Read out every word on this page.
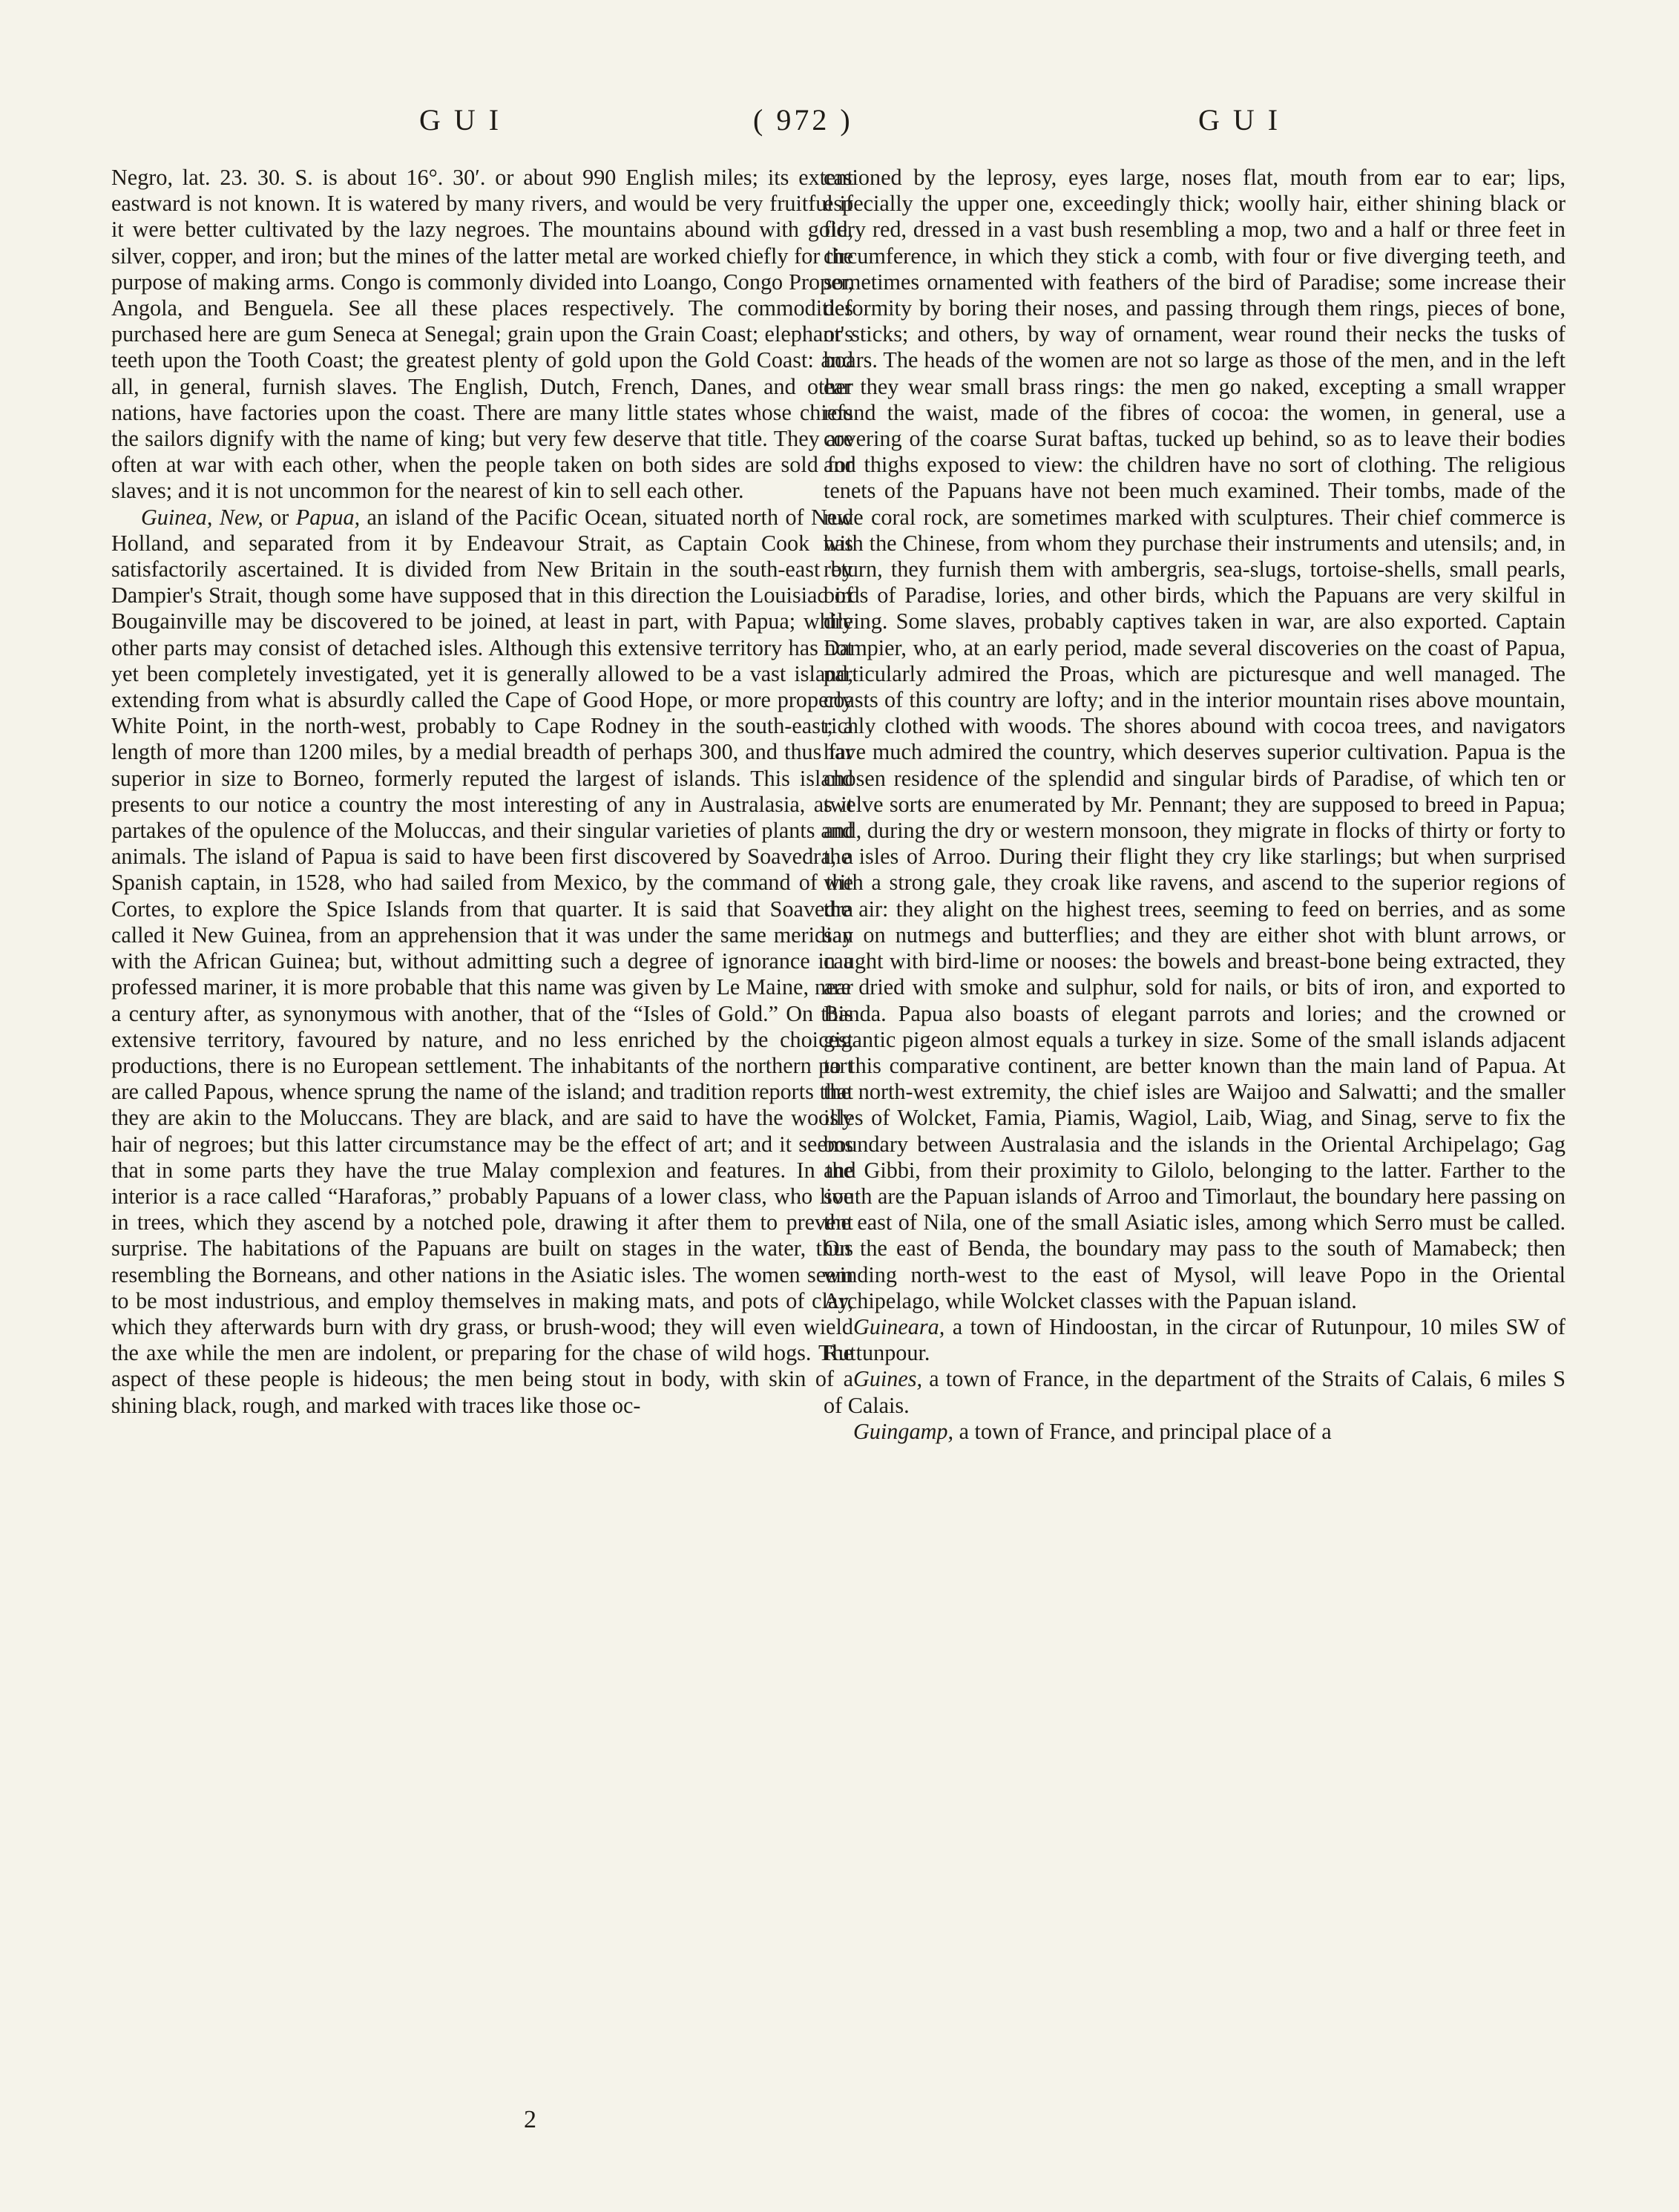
G U I	( 972 )	G U I

Negro, lat. 23. 30. S. is about 16°. 30′. or about 990 English miles; its extent eastward is not known. It is watered by many rivers, and would be very fruitful if it were better cultivated by the lazy negroes. The mountains abound with gold, silver, copper, and iron; but the mines of the latter metal are worked chiefly for the purpose of making arms. Congo is commonly divided into Loango, Congo Proper, Angola, and Benguela. See all these places respectively. The commodities purchased here are gum Seneca at Senegal; grain upon the Grain Coast; elephant's teeth upon the Tooth Coast; the greatest plenty of gold upon the Gold Coast: and all, in general, furnish slaves. The English, Dutch, French, Danes, and other nations, have factories upon the coast. There are many little states whose chiefs the sailors dignify with the name of king; but very few deserve that title. They are often at war with each other, when the people taken on both sides are sold for slaves; and it is not uncommon for the nearest of kin to sell each other.

Guinea, New, or Papua, an island of the Pacific Ocean, situated north of New Holland, and separated from it by Endeavour Strait, as Captain Cook has satisfactorily ascertained. It is divided from New Britain in the south-east by Dampier's Strait, though some have supposed that in this direction the Louisiad of Bougainville may be discovered to be joined, at least in part, with Papua; while other parts may consist of detached isles. Although this extensive territory has not yet been completely investigated, yet it is generally allowed to be a vast island, extending from what is absurdly called the Cape of Good Hope, or more properly White Point, in the north-west, probably to Cape Rodney in the south-east; a length of more than 1200 miles, by a medial breadth of perhaps 300, and thus far superior in size to Borneo, formerly reputed the largest of islands. This island presents to our notice a country the most interesting of any in Australasia, as it partakes of the opulence of the Moluccas, and their singular varieties of plants and animals. The island of Papua is said to have been first discovered by Soavedra, a Spanish captain, in 1528, who had sailed from Mexico, by the command of the Cortes, to explore the Spice Islands from that quarter. It is said that Soavedra called it New Guinea, from an apprehension that it was under the same meridian with the African Guinea; but, without admitting such a degree of ignorance in a professed mariner, it is more probable that this name was given by Le Maine, near a century after, as synonymous with another, that of the “Isles of Gold.” On this extensive territory, favoured by nature, and no less enriched by the choicest productions, there is no European settlement. The inhabitants of the northern part are called Papous, whence sprung the name of the island; and tradition reports that they are akin to the Moluccans. They are black, and are said to have the woolly hair of negroes; but this latter circumstance may be the effect of art; and it seems that in some parts they have the true Malay complexion and features. In the interior is a race called “Haraforas,” probably Papuans of a lower class, who live in trees, which they ascend by a notched pole, drawing it after them to prevent surprise. The habitations of the Papuans are built on stages in the water, thus resembling the Borneans, and other nations in the Asiatic isles. The women seem to be most industrious, and employ themselves in making mats, and pots of clay, which they afterwards burn with dry grass, or brush-wood; they will even wield the axe while the men are indolent, or preparing for the chase of wild hogs. The aspect of these people is hideous; the men being stout in body, with skin of a shining black, rough, and marked with traces like those oc-

casioned by the leprosy, eyes large, noses flat, mouth from ear to ear; lips, especially the upper one, exceedingly thick; woolly hair, either shining black or fiery red, dressed in a vast bush resembling a mop, two and a half or three feet in circumference, in which they stick a comb, with four or five diverging teeth, and sometimes ornamented with feathers of the bird of Paradise; some increase their deformity by boring their noses, and passing through them rings, pieces of bone, or sticks; and others, by way of ornament, wear round their necks the tusks of boars. The heads of the women are not so large as those of the men, and in the left ear they wear small brass rings: the men go naked, excepting a small wrapper round the waist, made of the fibres of cocoa: the women, in general, use a covering of the coarse Surat baftas, tucked up behind, so as to leave their bodies and thighs exposed to view: the children have no sort of clothing. The religious tenets of the Papuans have not been much examined. Their tombs, made of the rude coral rock, are sometimes marked with sculptures. Their chief commerce is with the Chinese, from whom they purchase their instruments and utensils; and, in return, they furnish them with ambergris, sea-slugs, tortoise-shells, small pearls, birds of Paradise, lories, and other birds, which the Papuans are very skilful in drying. Some slaves, probably captives taken in war, are also exported. Captain Dampier, who, at an early period, made several discoveries on the coast of Papua, particularly admired the Proas, which are picturesque and well managed. The coasts of this country are lofty; and in the interior mountain rises above mountain, richly clothed with woods. The shores abound with cocoa trees, and navigators have much admired the country, which deserves superior cultivation. Papua is the chosen residence of the splendid and singular birds of Paradise, of which ten or twelve sorts are enumerated by Mr. Pennant; they are supposed to breed in Papua; and, during the dry or western monsoon, they migrate in flocks of thirty or forty to the isles of Arroo. During their flight they cry like starlings; but when surprised with a strong gale, they croak like ravens, and ascend to the superior regions of the air: they alight on the highest trees, seeming to feed on berries, and as some say on nutmegs and butterflies; and they are either shot with blunt arrows, or caught with bird-lime or nooses: the bowels and breast-bone being extracted, they are dried with smoke and sulphur, sold for nails, or bits of iron, and exported to Banda. Papua also boasts of elegant parrots and lories; and the crowned or gigantic pigeon almost equals a turkey in size. Some of the small islands adjacent to this comparative continent, are better known than the main land of Papua. At the north-west extremity, the chief isles are Waijoo and Salwatti; and the smaller isles of Wolcket, Famia, Piamis, Wagiol, Laib, Wiag, and Sinag, serve to fix the boundary between Australasia and the islands in the Oriental Archipelago; Gag and Gibbi, from their proximity to Gilolo, belonging to the latter. Farther to the south are the Papuan islands of Arroo and Timorlaut, the boundary here passing on the east of Nila, one of the small Asiatic isles, among which Serro must be called. On the east of Benda, the boundary may pass to the south of Mamabeck; then winding north-west to the east of Mysol, will leave Popo in the Oriental Archipelago, while Wolcket classes with the Papuan island.

Guineara, a town of Hindoostan, in the circar of Rutunpour, 10 miles SW of Ruttunpour.

Guines, a town of France, in the department of the Straits of Calais, 6 miles S of Calais.

Guingamp, a town of France, and principal place of a

2
